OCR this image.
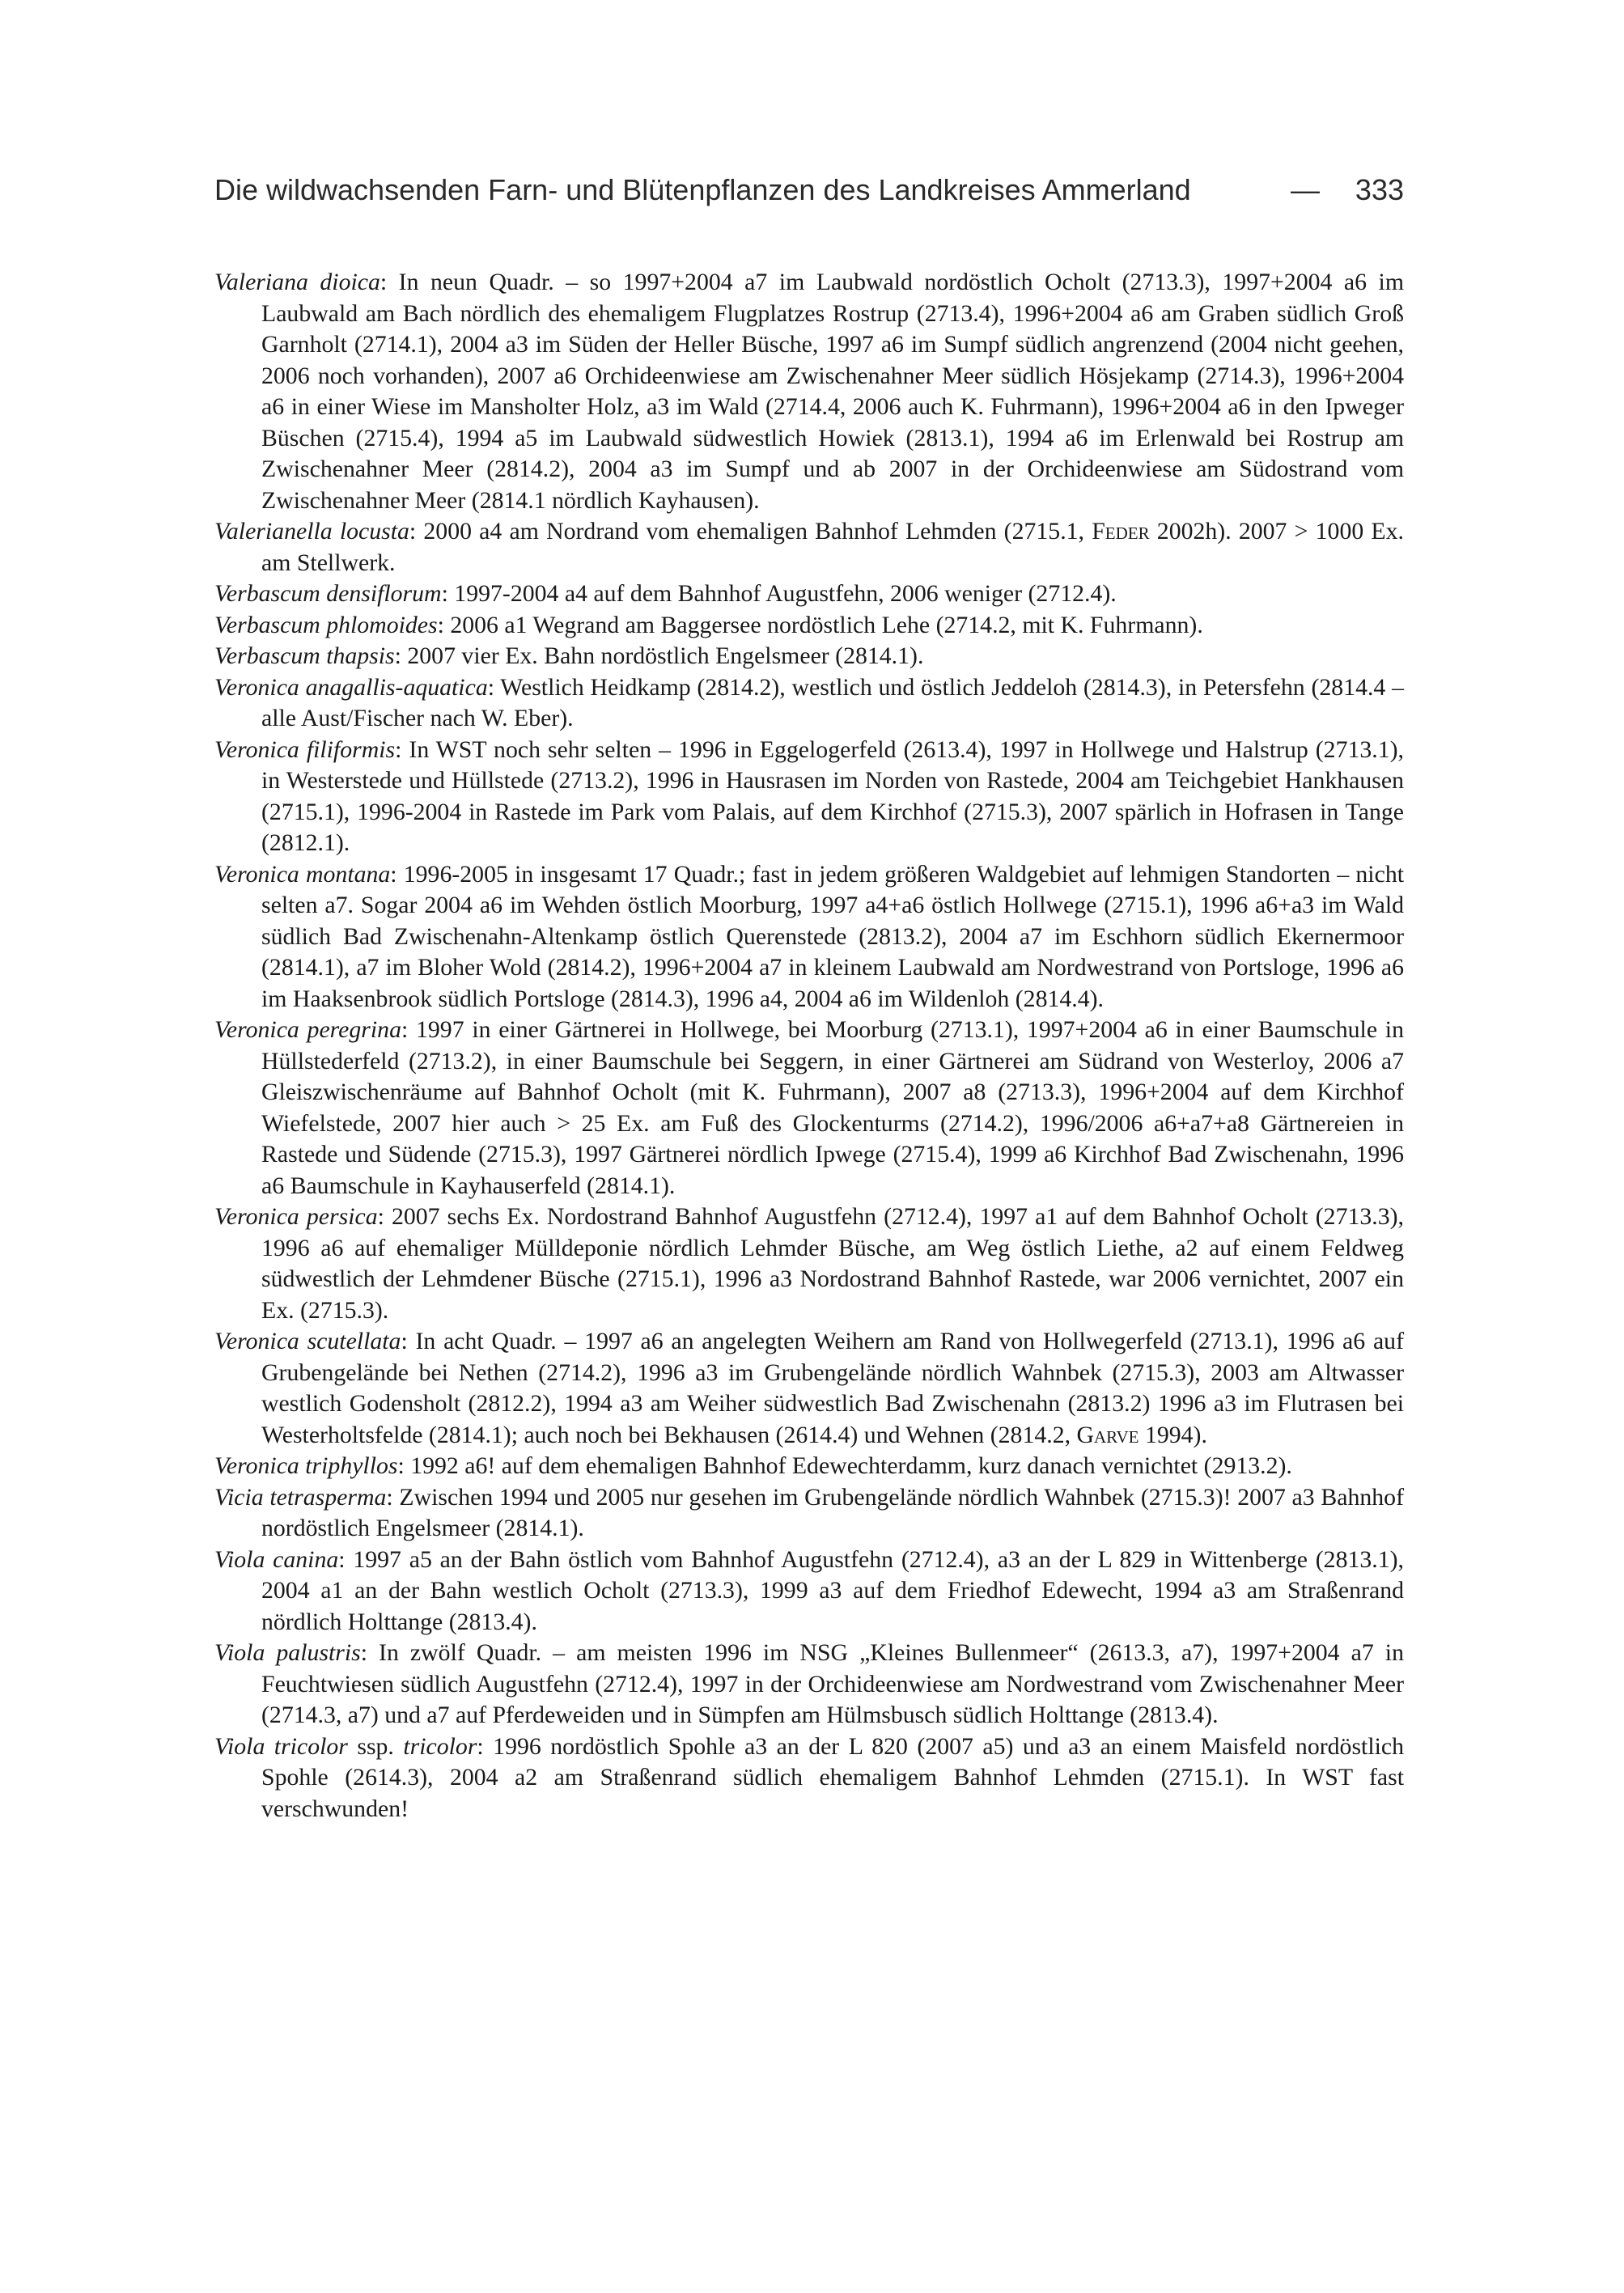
Die wildwachsenden Farn- und Blütenpflanzen des Landkreises Ammerland	— 333

Valeriana dioica: In neun Quadr. – so 1997+2004 a7 im Laubwald nordöstlich Ocholt (2713.3), 1997+2004 a6 im Laubwald am Bach nördlich des ehemaligem Flugplatzes Rostrup (2713.4), 1996+2004 a6 am Graben südlich Groß Garnholt (2714.1), 2004 a3 im Süden der Heller Büsche, 1997 a6 im Sumpf südlich angrenzend (2004 nicht geehen, 2006 noch vorhanden), 2007 a6 Orchideenwiese am Zwischenahner Meer südlich Hösjekamp (2714.3), 1996+2004 a6 in einer Wiese im Mansholter Holz, a3 im Wald (2714.4, 2006 auch K. Fuhrmann), 1996+2004 a6 in den Ipweger Büschen (2715.4), 1994 a5 im Laubwald südwestlich Howiek (2813.1), 1994 a6 im Erlenwald bei Rostrup am Zwischenahner Meer (2814.2), 2004 a3 im Sumpf und ab 2007 in der Orchideenwiese am Südostrand vom Zwischenahner Meer (2814.1 nördlich Kayhausen).

Valerianella locusta: 2000 a4 am Nordrand vom ehemaligen Bahnhof Lehmden (2715.1, Feder 2002h). 2007 > 1000 Ex. am Stellwerk.

Verbascum densiflorum: 1997-2004 a4 auf dem Bahnhof Augustfehn, 2006 weniger (2712.4).

Verbascum phlomoides: 2006 a1 Wegrand am Baggersee nordöstlich Lehe (2714.2, mit K. Fuhrmann).

Verbascum thapsis: 2007 vier Ex. Bahn nordöstlich Engelsmeer (2814.1).

Veronica anagallis-aquatica: Westlich Heidkamp (2814.2), westlich und östlich Jeddeloh (2814.3), in Petersfehn (2814.4 – alle Aust/Fischer nach W. Eber).

Veronica filiformis: In WST noch sehr selten – 1996 in Eggelogerfeld (2613.4), 1997 in Hollwege und Halstrup (2713.1), in Westerstede und Hüllstede (2713.2), 1996 in Hausrasen im Norden von Rastede, 2004 am Teichgebiet Hankhausen (2715.1), 1996-2004 in Rastede im Park vom Palais, auf dem Kirchhof (2715.3), 2007 spärlich in Hofrasen in Tange (2812.1).

Veronica montana: 1996-2005 in insgesamt 17 Quadr.; fast in jedem größeren Waldgebiet auf lehmigen Standorten – nicht selten a7. Sogar 2004 a6 im Wehden östlich Moorburg, 1997 a4+a6 östlich Hollwege (2715.1), 1996 a6+a3 im Wald südlich Bad Zwischenahn-Altenkamp östlich Querenstede (2813.2), 2004 a7 im Eschhorn südlich Ekernermoor (2814.1), a7 im Bloher Wold (2814.2), 1996+2004 a7 in kleinem Laubwald am Nordwestrand von Portsloge, 1996 a6 im Haaksenbrook südlich Portsloge (2814.3), 1996 a4, 2004 a6 im Wildenloh (2814.4).

Veronica peregrina: 1997 in einer Gärtnerei in Hollwege, bei Moorburg (2713.1), 1997+2004 a6 in einer Baumschule in Hüllstederfeld (2713.2), in einer Baumschule bei Seggern, in einer Gärtnerei am Südrand von Westerloy, 2006 a7 Gleiszwischenräume auf Bahnhof Ocholt (mit K. Fuhrmann), 2007 a8 (2713.3), 1996+2004 auf dem Kirchhof Wiefelstede, 2007 hier auch > 25 Ex. am Fuß des Glockenturms (2714.2), 1996/2006 a6+a7+a8 Gärtnereien in Rastede und Südende (2715.3), 1997 Gärtnerei nördlich Ipwege (2715.4), 1999 a6 Kirchhof Bad Zwischenahn, 1996 a6 Baumschule in Kayhauserfeld (2814.1).

Veronica persica: 2007 sechs Ex. Nordostrand Bahnhof Augustfehn (2712.4), 1997 a1 auf dem Bahnhof Ocholt (2713.3), 1996 a6 auf ehemaliger Mülldeponie nördlich Lehmder Büsche, am Weg östlich Liethe, a2 auf einem Feldweg südwestlich der Lehmdener Büsche (2715.1), 1996 a3 Nordostrand Bahnhof Rastede, war 2006 vernichtet, 2007 ein Ex. (2715.3).

Veronica scutellata: In acht Quadr. – 1997 a6 an angelegten Weihern am Rand von Hollwegerfeld (2713.1), 1996 a6 auf Grubengelände bei Nethen (2714.2), 1996 a3 im Grubengelände nördlich Wahnbek (2715.3), 2003 am Altwasser westlich Godensholt (2812.2), 1994 a3 am Weiher südwestlich Bad Zwischenahn (2813.2) 1996 a3 im Flutrasen bei Westerholtsfelde (2814.1); auch noch bei Bekhausen (2614.4) und Wehnen (2814.2, Garve 1994).

Veronica triphyllos: 1992 a6! auf dem ehemaligen Bahnhof Edewechterdamm, kurz danach vernichtet (2913.2).

Vicia tetrasperma: Zwischen 1994 und 2005 nur gesehen im Grubengelände nördlich Wahnbek (2715.3)! 2007 a3 Bahnhof nordöstlich Engelsmeer (2814.1).

Viola canina: 1997 a5 an der Bahn östlich vom Bahnhof Augustfehn (2712.4), a3 an der L 829 in Wittenberge (2813.1), 2004 a1 an der Bahn westlich Ocholt (2713.3), 1999 a3 auf dem Friedhof Edewecht, 1994 a3 am Straßenrand nördlich Holttange (2813.4).

Viola palustris: In zwölf Quadr. – am meisten 1996 im NSG „Kleines Bullenmeer“ (2613.3, a7), 1997+2004 a7 in Feuchtwiesen südlich Augustfehn (2712.4), 1997 in der Orchideenwiese am Nordwestrand vom Zwischenahner Meer (2714.3, a7) und a7 auf Pferdeweiden und in Sümpfen am Hülmsbusch südlich Holttange (2813.4).

Viola tricolor ssp. tricolor: 1996 nordöstlich Spohle a3 an der L 820 (2007 a5) und a3 an einem Maisfeld nordöstlich Spohle (2614.3), 2004 a2 am Straßenrand südlich ehemaligem Bahnhof Lehmden (2715.1). In WST fast verschwunden!
